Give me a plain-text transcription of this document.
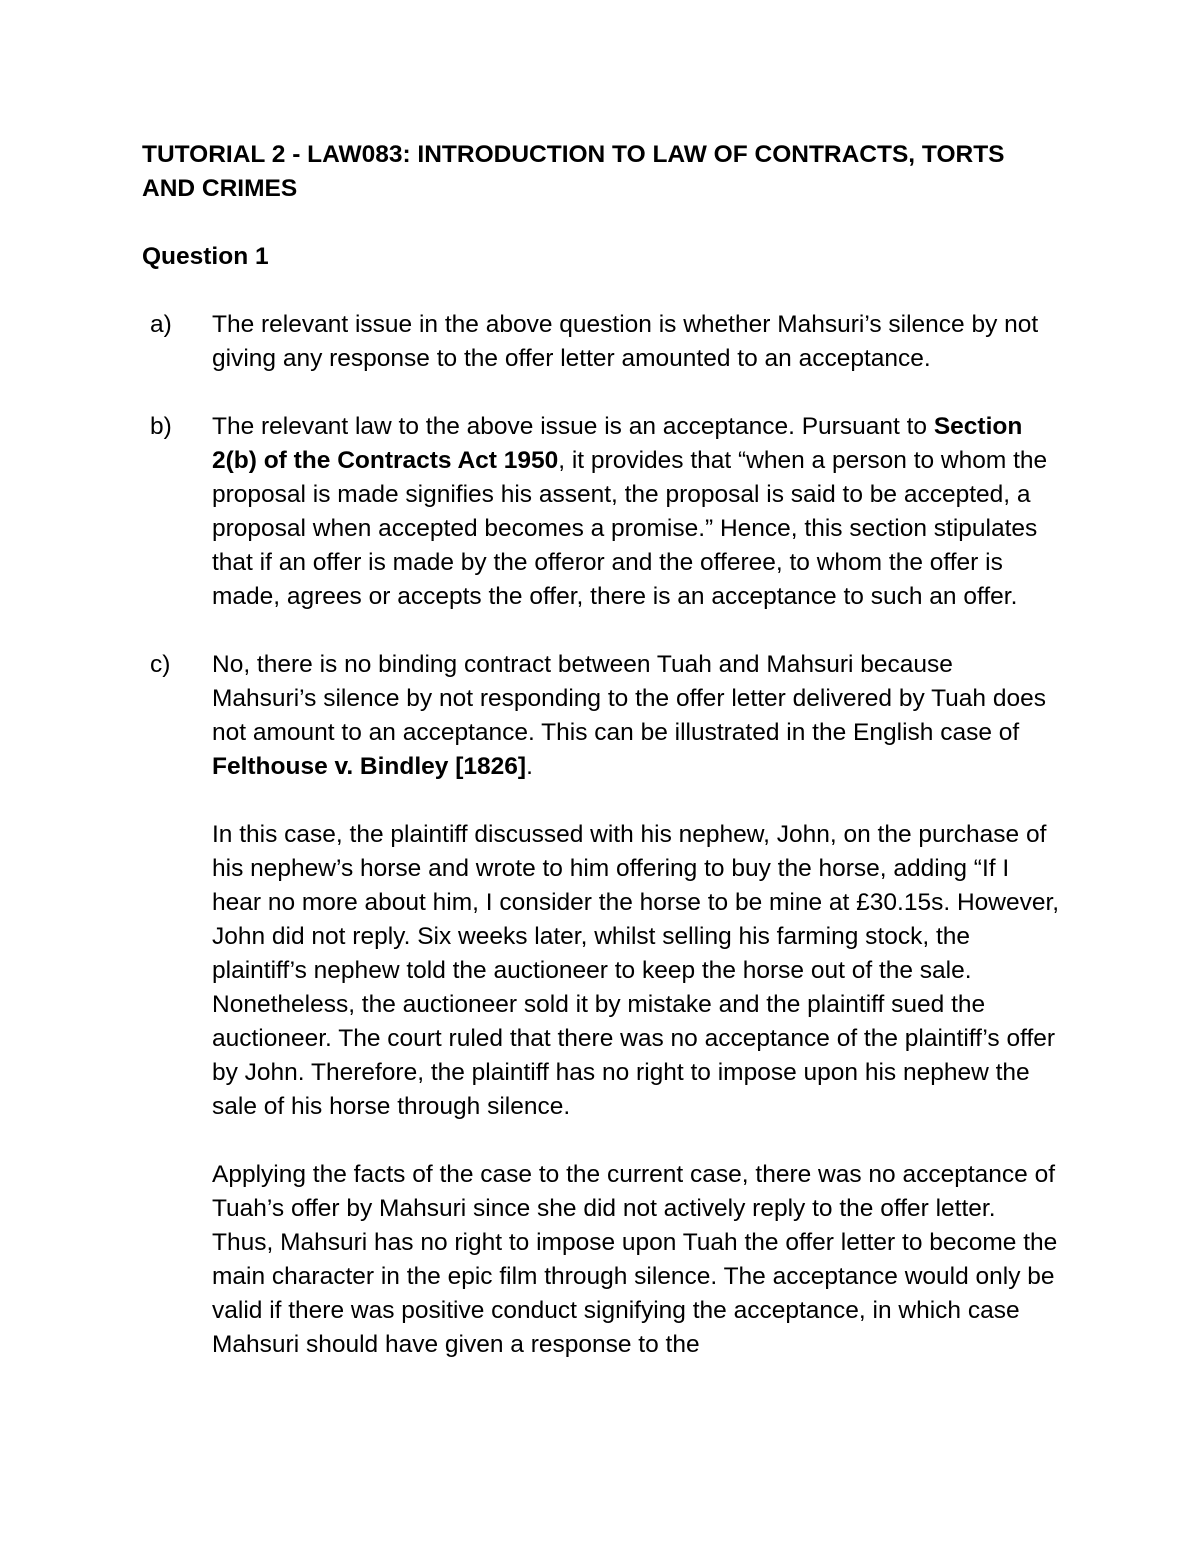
TUTORIAL 2 - LAW083: INTRODUCTION TO LAW OF CONTRACTS, TORTS AND CRIMES

Question 1

a) The relevant issue in the above question is whether Mahsuri’s silence by not giving any response to the offer letter amounted to an acceptance.

b) The relevant law to the above issue is an acceptance. Pursuant to Section 2(b) of the Contracts Act 1950, it provides that “when a person to whom the proposal is made signifies his assent, the proposal is said to be accepted, a proposal when accepted becomes a promise.” Hence, this section stipulates that if an offer is made by the offeror and the offeree, to whom the offer is made, agrees or accepts the offer, there is an acceptance to such an offer.

c) No, there is no binding contract between Tuah and Mahsuri because Mahsuri’s silence by not responding to the offer letter delivered by Tuah does not amount to an acceptance. This can be illustrated in the English case of Felthouse v. Bindley [1826].

In this case, the plaintiff discussed with his nephew, John, on the purchase of his nephew’s horse and wrote to him offering to buy the horse, adding “If I hear no more about him, I consider the horse to be mine at £30.15s. However, John did not reply. Six weeks later, whilst selling his farming stock, the plaintiff’s nephew told the auctioneer to keep the horse out of the sale. Nonetheless, the auctioneer sold it by mistake and the plaintiff sued the auctioneer. The court ruled that there was no acceptance of the plaintiff’s offer by John. Therefore, the plaintiff has no right to impose upon his nephew the sale of his horse through silence.

Applying the facts of the case to the current case, there was no acceptance of Tuah’s offer by Mahsuri since she did not actively reply to the offer letter. Thus, Mahsuri has no right to impose upon Tuah the offer letter to become the main character in the epic film through silence. The acceptance would only be valid if there was positive conduct signifying the acceptance, in which case Mahsuri should have given a response to the
